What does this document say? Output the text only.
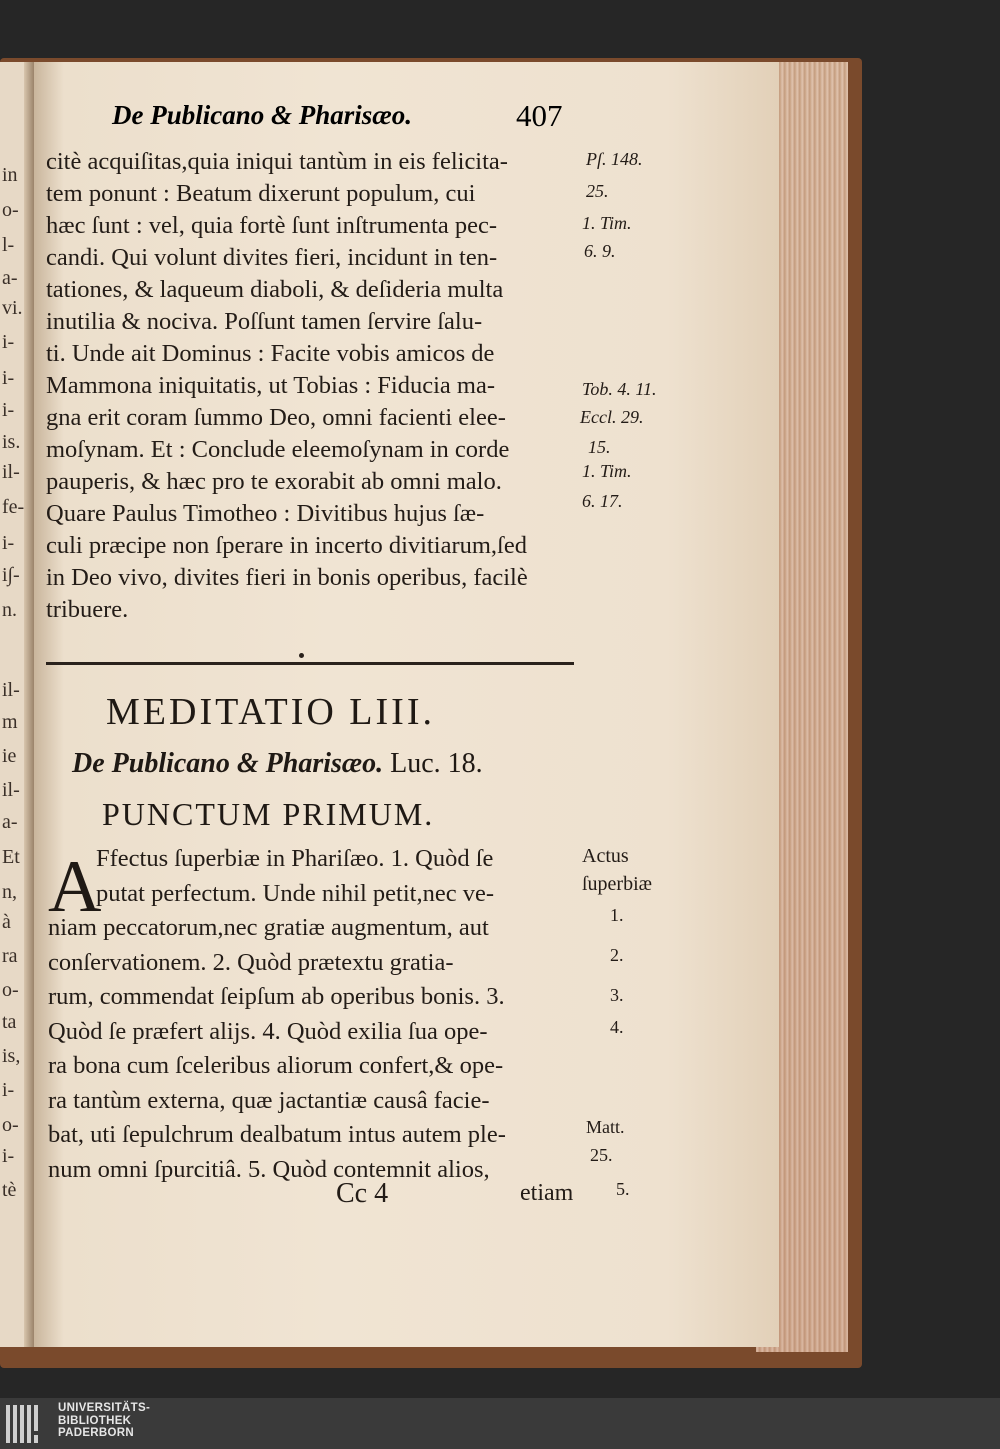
in
o-
l-
a-
vi.
i-
i-
i-
is.
il-
fe-
i-
i∫-
n.
il-
m
ie
il-
a-
Et
n,
à
ra
o-
ta
is,
i-
o-
i-
tè
De Publicano & Pharisæo.	407
citè acquiſitas,quia iniqui tantùm in eis felicita-
tem ponunt : Beatum dixerunt populum, cui
hæc ſunt : vel, quia fortè ſunt inſtrumenta pec-
candi. Qui volunt divites fieri, incidunt in ten-
tationes, & laqueum diaboli, & deſideria multa
inutilia & nociva. Poſſunt tamen ſervire ſalu-
ti. Unde ait Dominus : Facite vobis amicos de
Mammona iniquitatis, ut Tobias : Fiducia ma-
gna erit coram ſummo Deo, omni facienti elee-
moſynam. Et : Conclude eleemoſynam in corde
pauperis, & hæc pro te exorabit ab omni malo.
Quare Paulus Timotheo : Divitibus hujus ſæ-
culi præcipe non ſperare in incerto divitiarum,ſed
in Deo vivo, divites fieri in bonis operibus, facilè
tribuere.
Pſ. 148.
25.
1. Tim.
6. 9.
Tob. 4. 11.
Eccl. 29.
15.
1. Tim.
6. 17.
MEDITATIO LIII.
De Publicano & Pharisæo. Luc. 18.
PUNCTUM PRIMUM.
A
Ffectus ſuperbiæ in Phariſæo. 1. Quòd ſe
putat perfectum. Unde nihil petit,nec ve-
niam peccatorum,nec gratiæ augmentum, aut
conſervationem. 2. Quòd prætextu gratia-
rum, commendat ſeipſum ab operibus bonis. 3.
Quòd ſe præfert alijs. 4. Quòd exilia ſua ope-
ra bona cum ſceleribus aliorum confert,& ope-
ra tantùm externa, quæ jactantiæ causâ facie-
bat, uti ſepulchrum dealbatum intus autem ple-
num omni ſpurcitiâ. 5. Quòd contemnit alios,
Actus
ſuperbiæ
1.
2.
3.
4.
Matt.
25.
5.
Cc 4	etiam
UNIVERSITÄTS-
BIBLIOTHEK
PADERBORN
